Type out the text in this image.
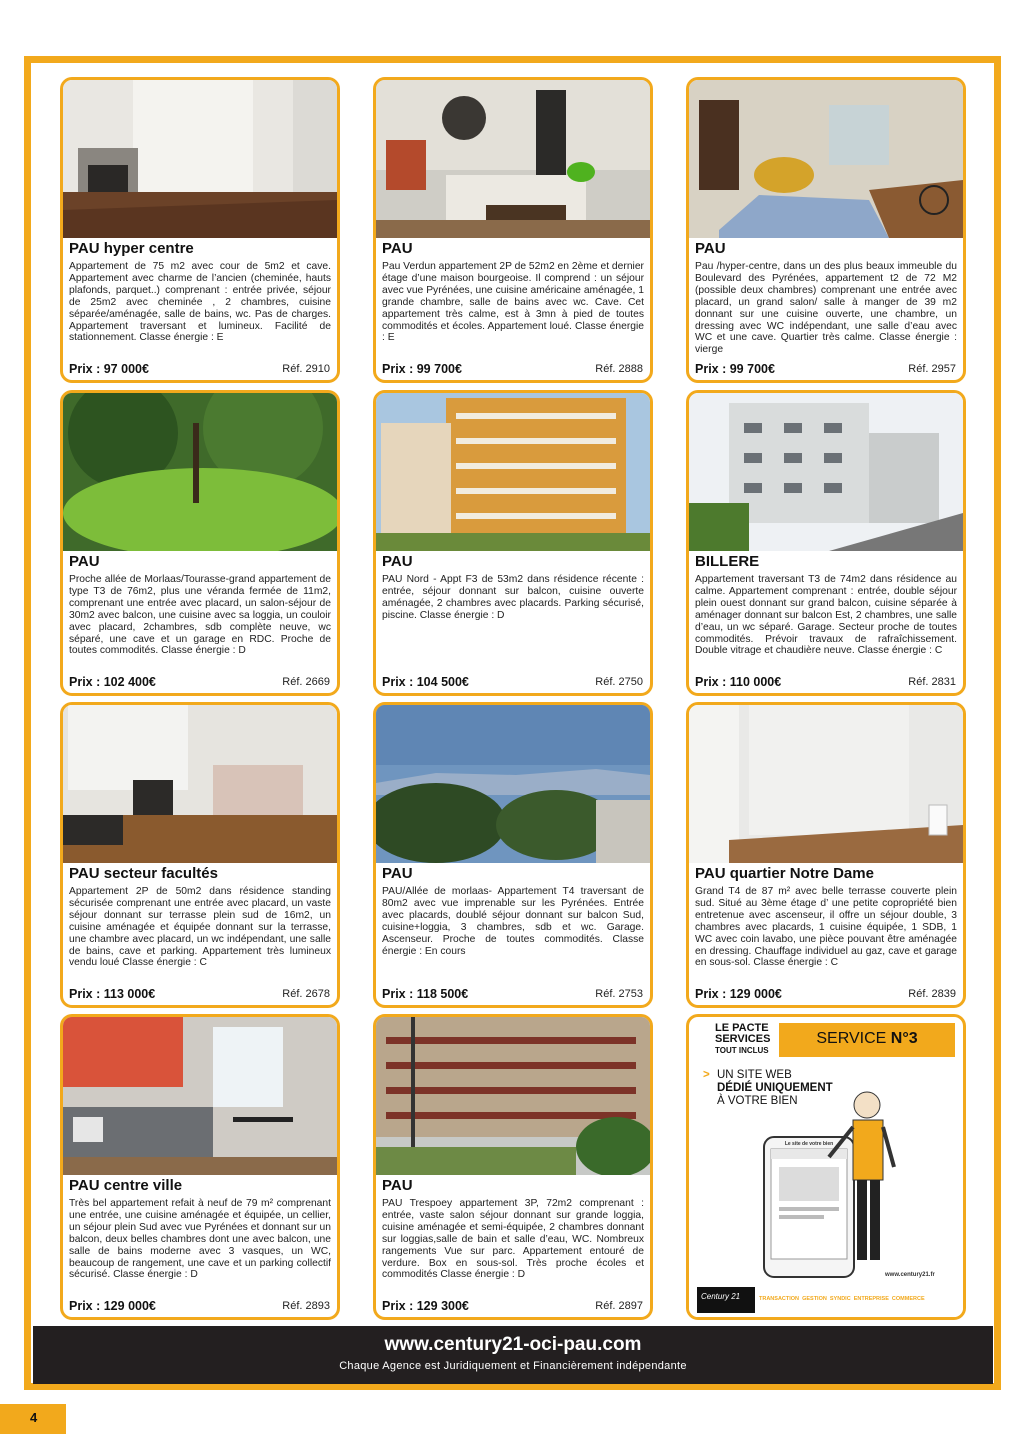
PAU hyper centre
Appartement de 75 m2 avec cour de 5m2 et cave. Appartement avec charme de l’ancien (cheminée, hauts plafonds, parquet..) comprenant : entrée privée, séjour de 25m2 avec cheminée , 2 chambres, cuisine séparée/aménagée, salle de bains, wc. Pas de charges. Appartement traversant et lumineux. Facilité de stationnement. Classe énergie : E
Prix : 97 000€	Réf. 2910
PAU
Pau Verdun appartement 2P de 52m2 en 2ème et dernier étage d’une maison bourgeoise. Il comprend : un séjour avec vue Pyrénées, une cuisine américaine aménagée, 1 grande chambre, salle de bains avec wc. Cave. Cet appartement très calme, est à 3mn à pied de toutes commodités et écoles. Appartement loué. Classe énergie : E
Prix : 99 700€	Réf. 2888
PAU
Pau /hyper-centre, dans un des plus beaux immeuble du Boulevard des Pyrénées, appartement t2 de 72 M2 (possible deux chambres) comprenant une entrée avec placard, un grand salon/ salle à manger de 39 m2 donnant sur une cuisine ouverte, une chambre, un dressing avec WC indépendant, une salle d’eau avec WC et une cave. Quartier très calme. Classe énergie : vierge
Prix : 99 700€	Réf. 2957
PAU
Proche allée de Morlaas/Tourasse-grand appartement de type T3 de 76m2, plus une véranda fermée de 11m2, comprenant une entrée avec placard, un salon-séjour de 30m2 avec balcon, une cuisine avec sa loggia, un couloir avec placard, 2chambres, sdb complète neuve, wc séparé, une cave et un garage en RDC. Proche de toutes commodités. Classe énergie : D
Prix : 102 400€	Réf. 2669
PAU
PAU Nord - Appt F3 de 53m2 dans résidence récente : entrée, séjour donnant sur balcon, cuisine ouverte aménagée, 2 chambres avec placards. Parking sécurisé, piscine. Classe énergie : D
Prix : 104 500€	Réf. 2750
BILLERE
Appartement traversant T3 de 74m2 dans résidence au calme. Appartement comprenant : entrée, double séjour plein ouest donnant sur grand balcon, cuisine séparée à aménager donnant sur balcon Est, 2 chambres, une salle d’eau, un wc séparé. Garage. Secteur proche de toutes commodités. Prévoir travaux de rafraîchissement. Double vitrage et chaudière neuve. Classe énergie : C
Prix : 110 000€	Réf. 2831
PAU secteur facultés
Appartement 2P de 50m2 dans résidence standing sécurisée comprenant une entrée avec placard, un vaste séjour donnant sur terrasse plein sud de 16m2, un cuisine aménagée et équipée donnant sur la terrasse, une chambre avec placard, un wc indépendant, une salle de bains, cave et parking. Appartement très lumineux vendu loué Classe énergie : C
Prix : 113 000€	Réf. 2678
PAU
PAU/Allée de morlaas- Appartement T4 traversant de 80m2 avec vue imprenable sur les Pyrénées. Entrée avec placards, doublé séjour donnant sur balcon Sud, cuisine+loggia, 3 chambres, sdb et wc. Garage. Ascenseur. Proche de toutes commodités. Classe énergie : En cours
Prix : 118 500€	Réf. 2753
PAU quartier Notre Dame
Grand T4 de 87 m² avec belle terrasse couverte plein sud. Situé au 3ème étage d’ une petite copropriété bien entretenue avec ascenseur, il offre un séjour double, 3 chambres avec placards, 1 cuisine équipée, 1 SDB, 1 WC avec coin lavabo, une pièce pouvant être aménagée en dressing. Chauffage individuel au gaz, cave et garage en sous-sol. Classe énergie : C
Prix : 129 000€	Réf. 2839
PAU centre ville
Très bel appartement refait à neuf de 79 m² comprenant une entrée, une cuisine aménagée et équipée, un cellier, un séjour plein Sud avec vue Pyrénées et donnant sur un balcon, deux belles chambres dont une avec balcon, une salle de bains moderne avec 3 vasques, un WC, beaucoup de rangement, une cave et un parking collectif sécurisé. Classe énergie : D
Prix : 129 000€	Réf. 2893
PAU
PAU Trespoey appartement 3P, 72m2 comprenant : entrée, vaste salon séjour donnant sur grande loggia, cuisine aménagée et semi-équipée, 2 chambres donnant sur loggias,salle de bain et salle d’eau, WC. Nombreux rangements Vue sur parc. Appartement entouré de verdure. Box en sous-sol. Très proche écoles et commodités Classe énergie : D
Prix : 129 300€	Réf. 2897
LE PACTE
SERVICES
TOUT INCLUS
SERVICE N°3
> UN SITE WEB
DÉDIÉ UNIQUEMENT
À VOTRE BIEN
Le site de votre bien
www.century21.fr
Century 21	TRANSACTION  GESTION  SYNDIC  ENTREPRISE  COMMERCE
www.century21-oci-pau.com
Chaque Agence est Juridiquement et Financièrement indépendante
4
